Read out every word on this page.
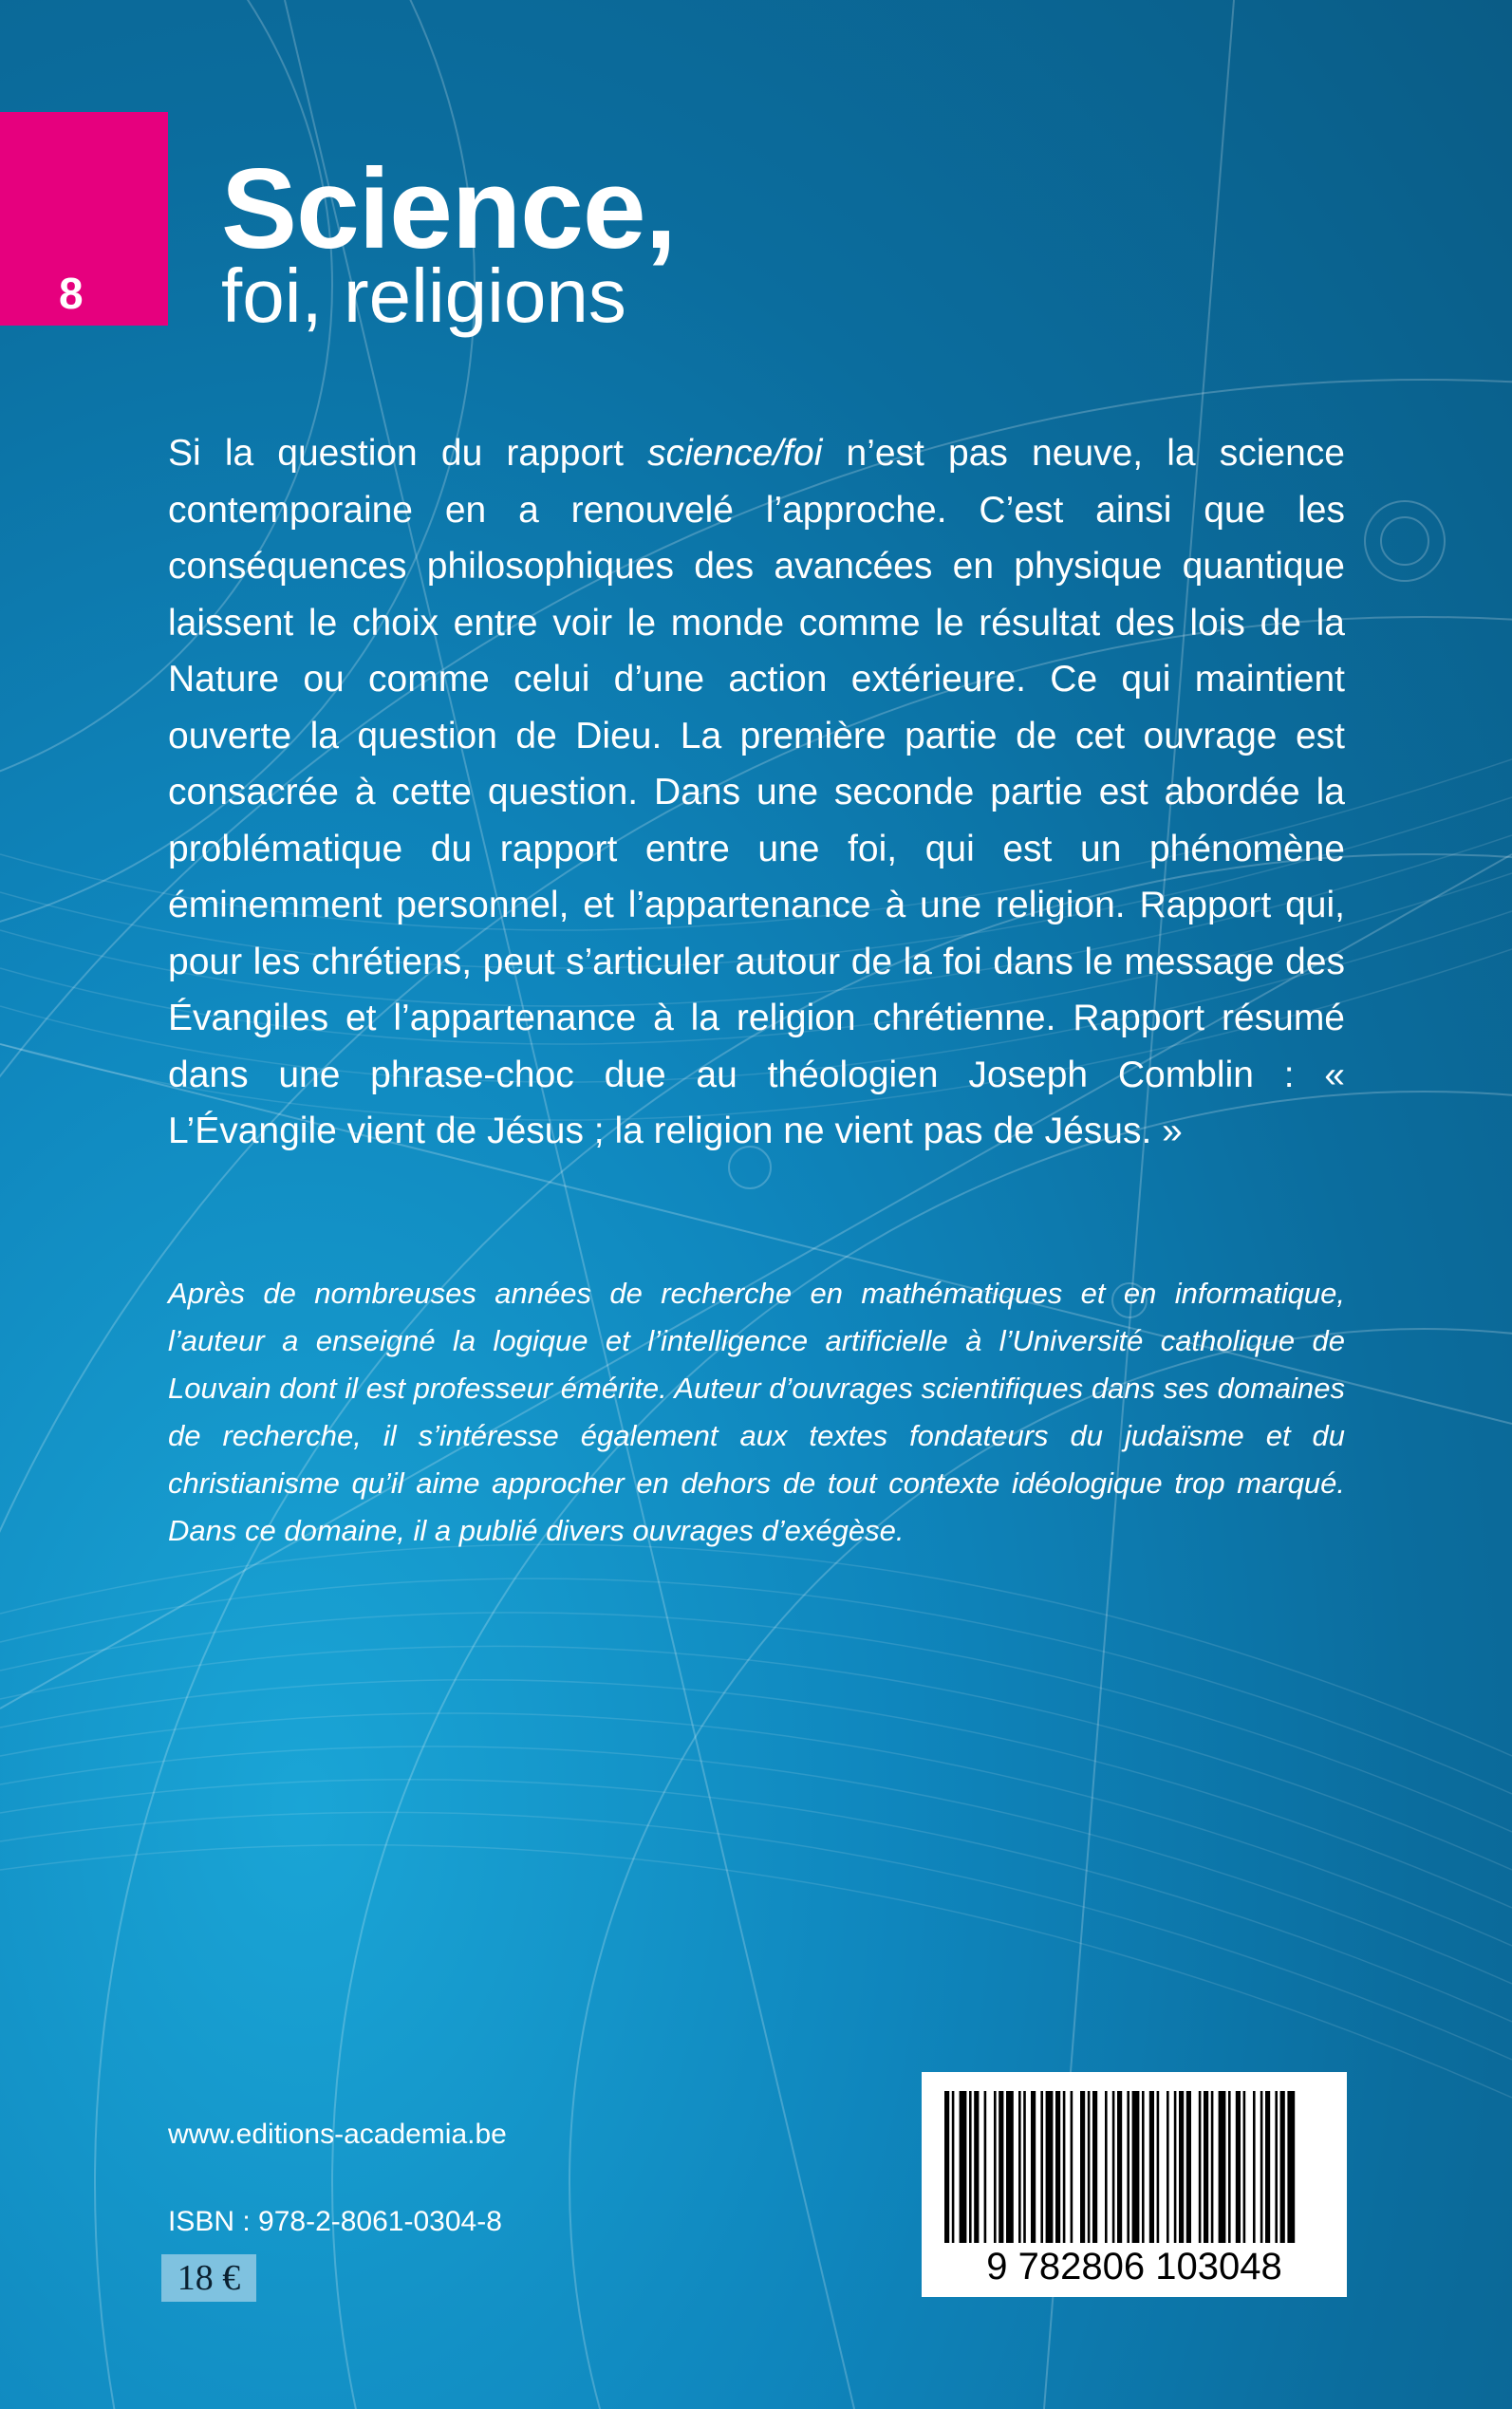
8
Science,
foi, religions

Si la question du rapport science/foi n’est pas neuve, la science contemporaine en a renouvelé l’approche. C’est ainsi que les conséquences philosophiques des avancées en physique quantique laissent le choix entre voir le monde comme le résultat des lois de la Nature ou comme celui d’une action extérieure. Ce qui maintient ouverte la question de Dieu. La première partie de cet ouvrage est consacrée à cette question. Dans une seconde partie est abordée la problématique du rapport entre une foi, qui est un phénomène éminemment personnel, et l’appartenance à une religion. Rapport qui, pour les chrétiens, peut s’articuler autour de la foi dans le message des Évangiles et l’appartenance à la religion chrétienne. Rapport résumé dans une phrase-choc due au théologien Joseph Comblin : « L’Évangile vient de Jésus ; la religion ne vient pas de Jésus. »

Après de nombreuses années de recherche en mathématiques et en informatique, l’auteur a enseigné la logique et l’intelligence artificielle à l’Université catholique de Louvain dont il est professeur émérite. Auteur d’ouvrages scientifiques dans ses domaines de recherche, il s’intéresse également aux textes fondateurs du judaïsme et du christianisme qu’il aime approcher en dehors de tout contexte idéologique trop marqué. Dans ce domaine, il a publié divers ouvrages d’exégèse.

www.editions-academia.be
ISBN : 978-2-8061-0304-8
18 €	9 782806 103048
